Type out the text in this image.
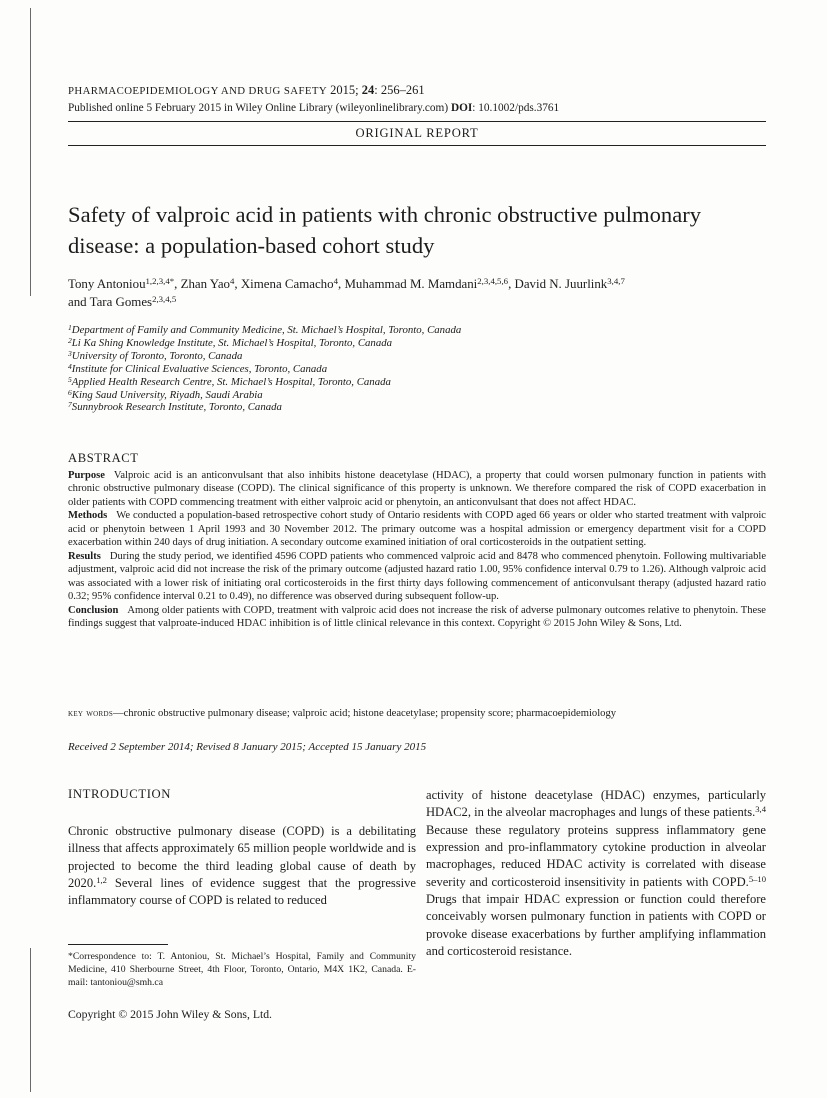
PHARMACOEPIDEMIOLOGY AND DRUG SAFETY 2015; 24: 256–261
Published online 5 February 2015 in Wiley Online Library (wileyonlinelibrary.com) DOI: 10.1002/pds.3761
ORIGINAL REPORT
Safety of valproic acid in patients with chronic obstructive pulmonary disease: a population-based cohort study
Tony Antoniou$^{1,2,3,4*}$, Zhan Yao$^4$, Ximena Camacho$^4$, Muhammad M. Mamdani$^{2,3,4,5,6}$, David N. Juurlink$^{3,4,7}$
and Tara Gomes$^{2,3,4,5}$
$^1$Department of Family and Community Medicine, St. Michael’s Hospital, Toronto, Canada
$^2$Li Ka Shing Knowledge Institute, St. Michael’s Hospital, Toronto, Canada
$^3$University of Toronto, Toronto, Canada
$^4$Institute for Clinical Evaluative Sciences, Toronto, Canada
$^5$Applied Health Research Centre, St. Michael’s Hospital, Toronto, Canada
$^6$King Saud University, Riyadh, Saudi Arabia
$^7$Sunnybrook Research Institute, Toronto, Canada
ABSTRACT
Purpose Valproic acid is an anticonvulsant that also inhibits histone deacetylase (HDAC), a property that could worsen pulmonary function in patients with chronic obstructive pulmonary disease (COPD). The clinical significance of this property is unknown. We therefore compared the risk of COPD exacerbation in older patients with COPD commencing treatment with either valproic acid or phenytoin, an anticonvulsant that does not affect HDAC.
Methods We conducted a population-based retrospective cohort study of Ontario residents with COPD aged 66 years or older who started treatment with valproic acid or phenytoin between 1 April 1993 and 30 November 2012. The primary outcome was a hospital admission or emergency department visit for a COPD exacerbation within 240 days of drug initiation. A secondary outcome examined initiation of oral corticosteroids in the outpatient setting.
Results During the study period, we identified 4596 COPD patients who commenced valproic acid and 8478 who commenced phenytoin. Following multivariable adjustment, valproic acid did not increase the risk of the primary outcome (adjusted hazard ratio 1.00, 95% confidence interval 0.79 to 1.26). Although valproic acid was associated with a lower risk of initiating oral corticosteroids in the first thirty days following commencement of anticonvulsant therapy (adjusted hazard ratio 0.32; 95% confidence interval 0.21 to 0.49), no difference was observed during subsequent follow-up.
Conclusion Among older patients with COPD, treatment with valproic acid does not increase the risk of adverse pulmonary outcomes relative to phenytoin. These findings suggest that valproate-induced HDAC inhibition is of little clinical relevance in this context. Copyright © 2015 John Wiley & Sons, Ltd.
key words—chronic obstructive pulmonary disease; valproic acid; histone deacetylase; propensity score; pharmacoepidemiology
Received 2 September 2014; Revised 8 January 2015; Accepted 15 January 2015
INTRODUCTION
Chronic obstructive pulmonary disease (COPD) is a debilitating illness that affects approximately 65 million people worldwide and is projected to become the third leading global cause of death by 2020.$^{1,2}$ Several lines of evidence suggest that the progressive inflammatory course of COPD is related to reduced
activity of histone deacetylase (HDAC) enzymes, particularly HDAC2, in the alveolar macrophages and lungs of these patients.$^{3,4}$ Because these regulatory proteins suppress inflammatory gene expression and pro-inflammatory cytokine production in alveolar macrophages, reduced HDAC activity is correlated with disease severity and corticosteroid insensitivity in patients with COPD.$^{5-10}$ Drugs that impair HDAC expression or function could therefore conceivably worsen pulmonary function in patients with COPD or provoke disease exacerbations by further amplifying inflammation and corticosteroid resistance.
*Correspondence to: T. Antoniou, St. Michael’s Hospital, Family and Community Medicine, 410 Sherbourne Street, 4th Floor, Toronto, Ontario, M4X 1K2, Canada. E-mail: tantoniou@smh.ca
Copyright © 2015 John Wiley & Sons, Ltd.
